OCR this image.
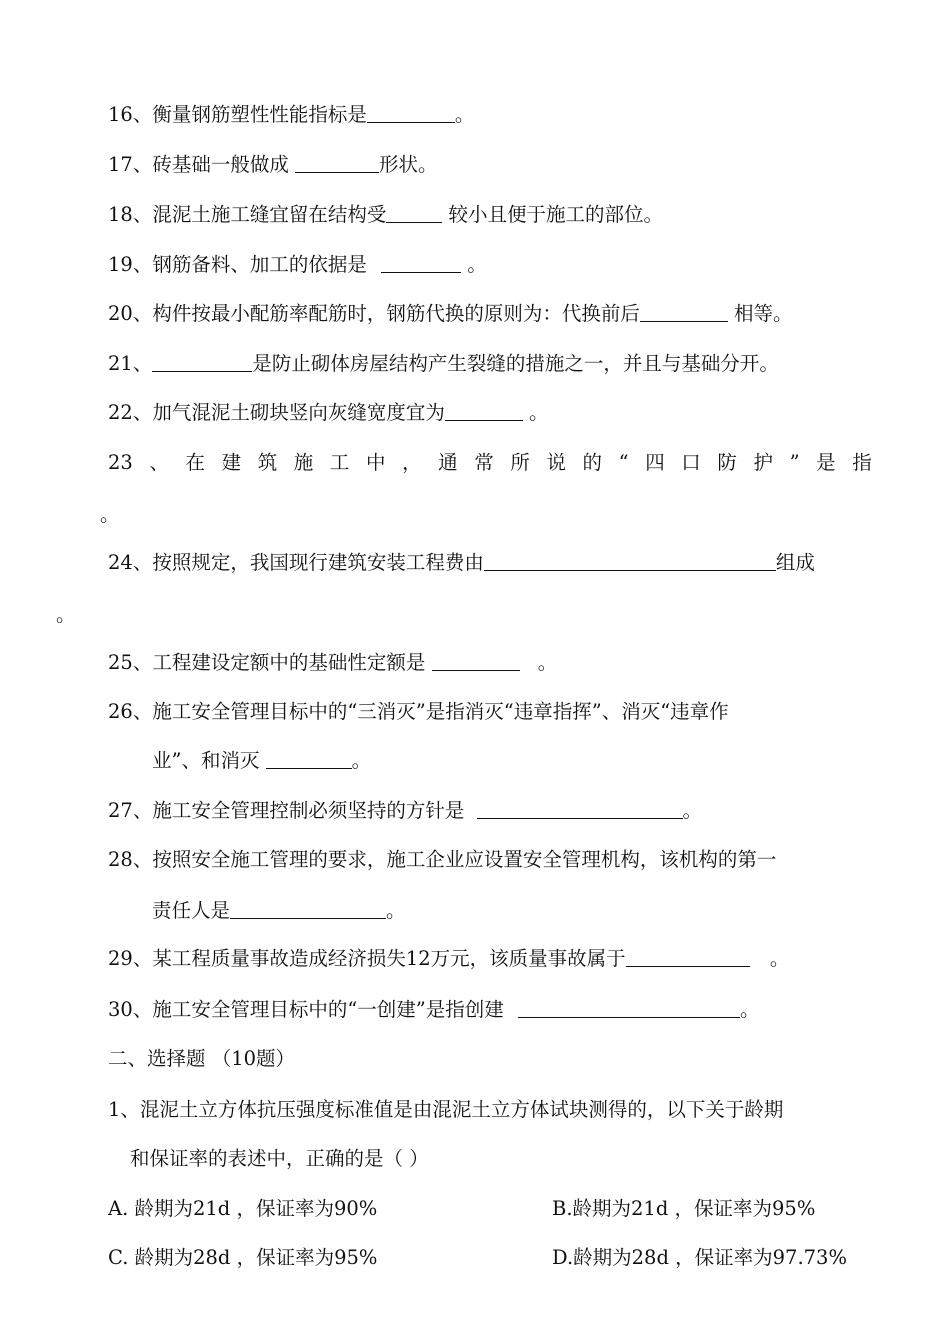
16、衡量钢筋塑性性能指标是	。
17、砖基础一般做成	形状。
18、混泥土施工缝宜留在结构受	较小且便于施工的部位。
19、钢筋备料、加工的依据是	。
20、构件按最小配筋率配筋时，钢筋代换的原则为：代换前后	相等。
21、	是防止砌体房屋结构产生裂缝的措施之一，并且与基础分开。
22、加气混泥土砌块竖向灰缝宽度宜为	。
23 、 在 建 筑 施 工 中 ， 通 常 所 说 的 “ 四 口 防 护 ” 是 指
。
24、按照规定，我国现行建筑安装工程费由	组成
。
25、工程建设定额中的基础性定额是	。
26、施工安全管理目标中的“三消灭”是指消灭“违章指挥”、消灭“违章作
业”、和消灭	。
27、施工安全管理控制必须坚持的方针是	。
28、按照安全施工管理的要求，施工企业应设置安全管理机构，该机构的第一
责任人是	。
29、某工程质量事故造成经济损失12万元，该质量事故属于	。
30、施工安全管理目标中的“一创建”是指创建	。
二、选择题 （10题）
1、混泥土立方体抗压强度标准值是由混泥土立方体试块测得的，以下关于龄期
和保证率的表述中，正确的是（ ）
A. 龄期为21d ，保证率为90%	B.龄期为21d ，保证率为95%
C. 龄期为28d ，保证率为95%	D.龄期为28d ，保证率为97.73%
